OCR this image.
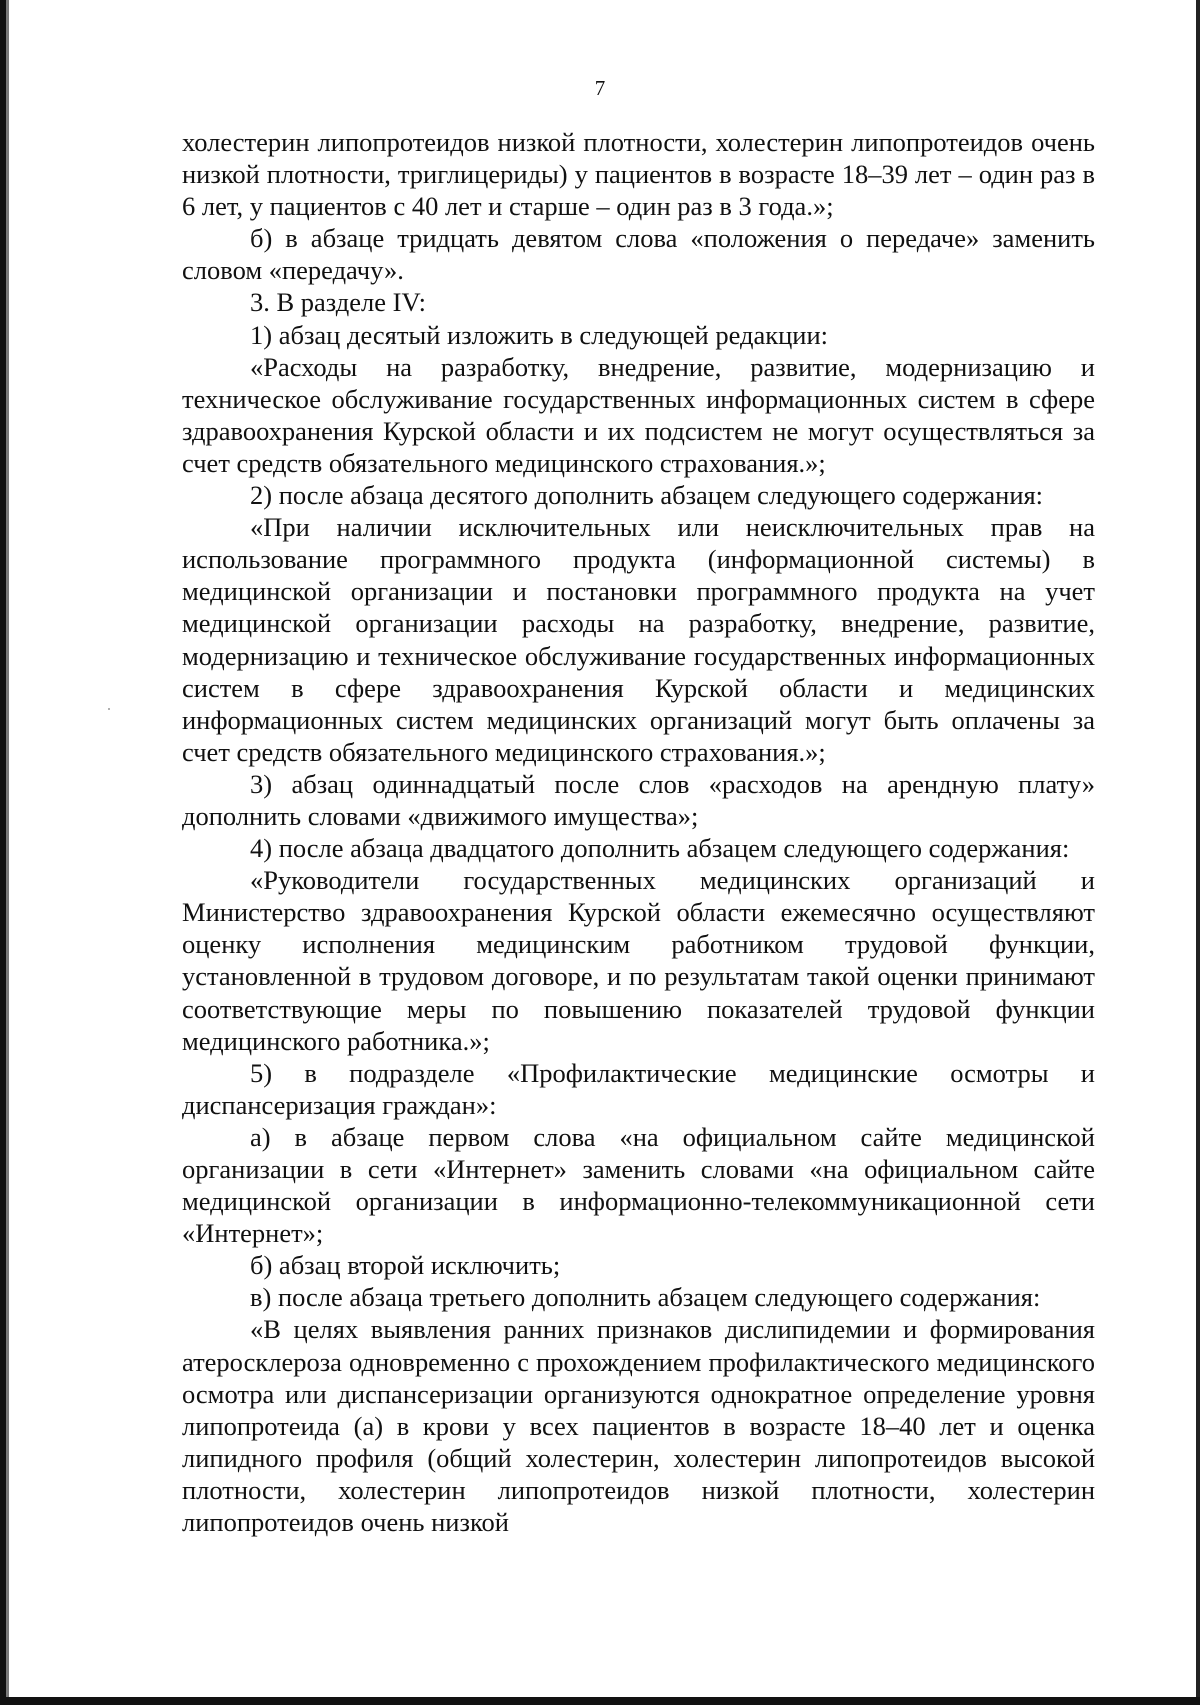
7

холестерин липопротеидов низкой плотности, холестерин липопротеидов очень низкой плотности, триглицериды) у пациентов в возрасте 18–39 лет – один раз в 6 лет, у пациентов с 40 лет и старше – один раз в 3 года.»;

б) в абзаце тридцать девятом слова «положения о передаче» заменить словом «передачу».

3. В разделе IV:

1) абзац десятый изложить в следующей редакции:

«Расходы на разработку, внедрение, развитие, модернизацию и техническое обслуживание государственных информационных систем в сфере здравоохранения Курской области и их подсистем не могут осуществляться за счет средств обязательного медицинского страхования.»;

2) после абзаца десятого дополнить абзацем следующего содержания:

«При наличии исключительных или неисключительных прав на использование программного продукта (информационной системы) в медицинской организации и постановки программного продукта на учет медицинской организации расходы на разработку, внедрение, развитие, модернизацию и техническое обслуживание государственных информационных систем в сфере здравоохранения Курской области и медицинских информационных систем медицинских организаций могут быть оплачены за счет средств обязательного медицинского страхования.»;

3) абзац одиннадцатый после слов «расходов на арендную плату» дополнить словами «движимого имущества»;

4) после абзаца двадцатого дополнить абзацем следующего содержания:

«Руководители государственных медицинских организаций и Министерство здравоохранения Курской области ежемесячно осуществляют оценку исполнения медицинским работником трудовой функции, установленной в трудовом договоре, и по результатам такой оценки принимают соответствующие меры по повышению показателей трудовой функции медицинского работника.»;

5) в подразделе «Профилактические медицинские осмотры и диспансеризация граждан»:

а) в абзаце первом слова «на официальном сайте медицинской организации в сети «Интернет» заменить словами «на официальном сайте медицинской организации в информационно-телекоммуникационной сети «Интернет»;

б) абзац второй исключить;

в) после абзаца третьего дополнить абзацем следующего содержания:

«В целях выявления ранних признаков дислипидемии и формирования атеросклероза одновременно с прохождением профилактического медицинского осмотра или диспансеризации организуются однократное определение уровня липопротеида (а) в крови у всех пациентов в возрасте 18–40 лет и оценка липидного профиля (общий холестерин, холестерин липопротеидов высокой плотности, холестерин липопротеидов низкой плотности, холестерин липопротеидов очень низкой
